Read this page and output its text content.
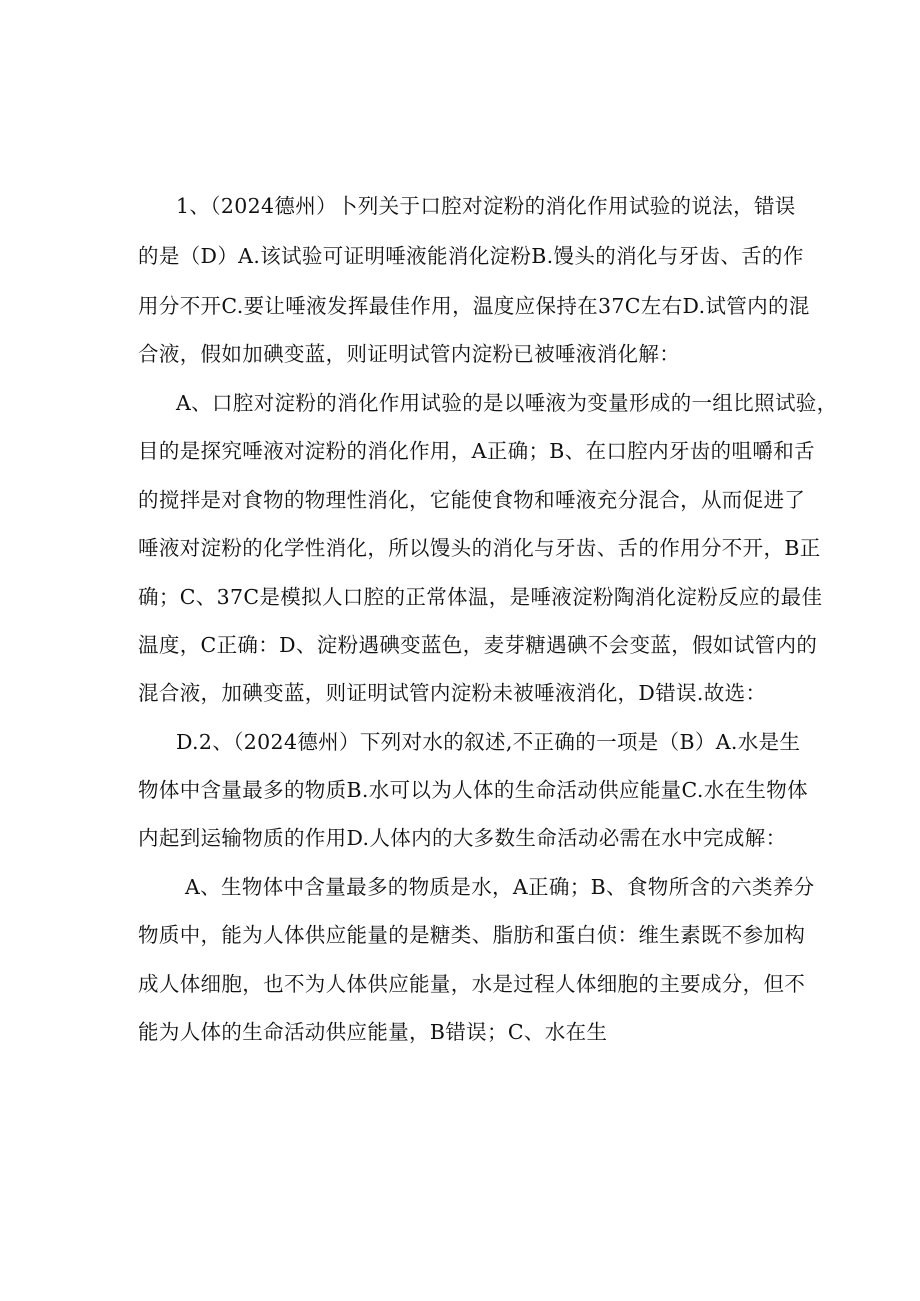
1、（2024德州）卜列关于口腔对淀粉的消化作用试验的说法，错误
的是（D）A.该试验可证明唾液能消化淀粉B.馒头的消化与牙齿、舌的作
用分不开C.要让唾液发挥最佳作用，温度应保持在37C左右D.试管内的混
合液，假如加碘变蓝，则证明试管内淀粉已被唾液消化解：
A、口腔对淀粉的消化作用试验的是以唾液为变量形成的一组比照试验，
目的是探究唾液对淀粉的消化作用，A正确；B、在口腔内牙齿的咀嚼和舌
的搅拌是对食物的物理性消化，它能使食物和唾液充分混合，从而促进了
唾液对淀粉的化学性消化，所以馒头的消化与牙齿、舌的作用分不开，B正
确；C、37C是模拟人口腔的正常体温，是唾液淀粉陶消化淀粉反应的最佳
温度，C正确：D、淀粉遇碘变蓝色，麦芽糖遇碘不会变蓝，假如试管内的
混合液，加碘变蓝，则证明试管内淀粉未被唾液消化，D错误.故选：
D.2、（2024德州）下列对水的叙述,不正确的一项是（B）A.水是生
物体中含量最多的物质B.水可以为人体的生命活动供应能量C.水在生物体
内起到运输物质的作用D.人体内的大多数生命活动必需在水中完成解：
A、生物体中含量最多的物质是水，A正确；B、食物所含的六类养分
物质中，能为人体供应能量的是糖类、脂肪和蛋白侦：维生素既不参加构
成人体细胞，也不为人体供应能量，水是过程人体细胞的主要成分，但不
能为人体的生命活动供应能量，B错误；C、水在生
